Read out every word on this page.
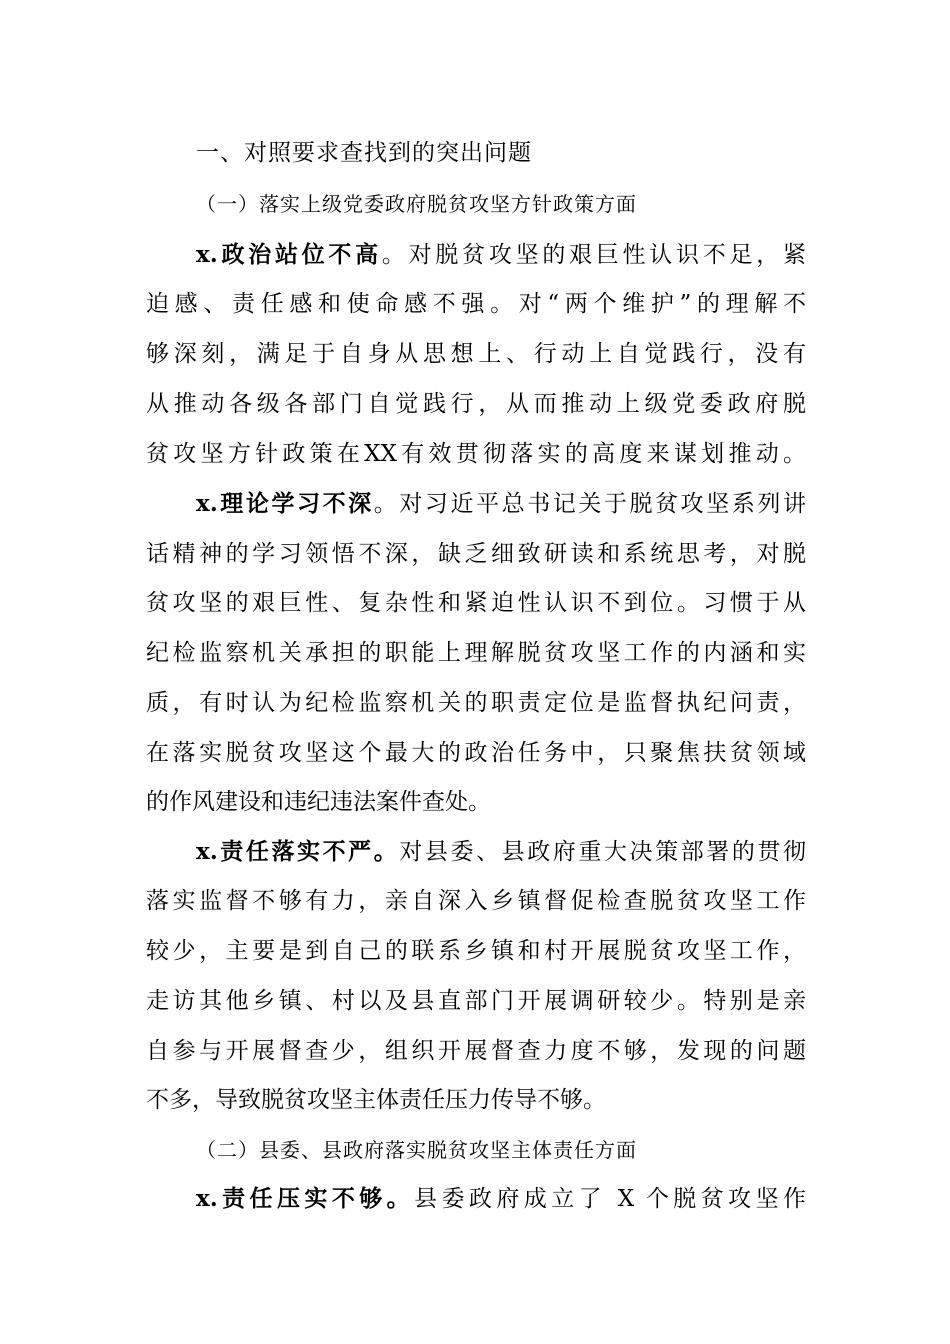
一、对照要求查找到的突出问题
（一）落实上级党委政府脱贫攻坚方针政策方面
x.政治站位不高。对脱贫攻坚的艰巨性认识不足，紧
迫感、责任感和使命感不强。对“两个维护”的理解不
够深刻，满足于自身从思想上、行动上自觉践行，没有
从推动各级各部门自觉践行，从而推动上级党委政府脱
贫攻坚方针政策在XX有效贯彻落实的高度来谋划推动。
x.理论学习不深。对习近平总书记关于脱贫攻坚系列讲
话精神的学习领悟不深，缺乏细致研读和系统思考，对脱
贫攻坚的艰巨性、复杂性和紧迫性认识不到位。习惯于从
纪检监察机关承担的职能上理解脱贫攻坚工作的内涵和实
质，有时认为纪检监察机关的职责定位是监督执纪问责，
在落实脱贫攻坚这个最大的政治任务中，只聚焦扶贫领域
的作风建设和违纪违法案件查处。
x.责任落实不严。对县委、县政府重大决策部署的贯彻
落实监督不够有力，亲自深入乡镇督促检查脱贫攻坚工作
较少，主要是到自己的联系乡镇和村开展脱贫攻坚工作，
走访其他乡镇、村以及县直部门开展调研较少。特别是亲
自参与开展督查少，组织开展督查力度不够，发现的问题
不多，导致脱贫攻坚主体责任压力传导不够。
（二）县委、县政府落实脱贫攻坚主体责任方面
x.责任压实不够。县委政府成立了 X 个脱贫攻坚作
